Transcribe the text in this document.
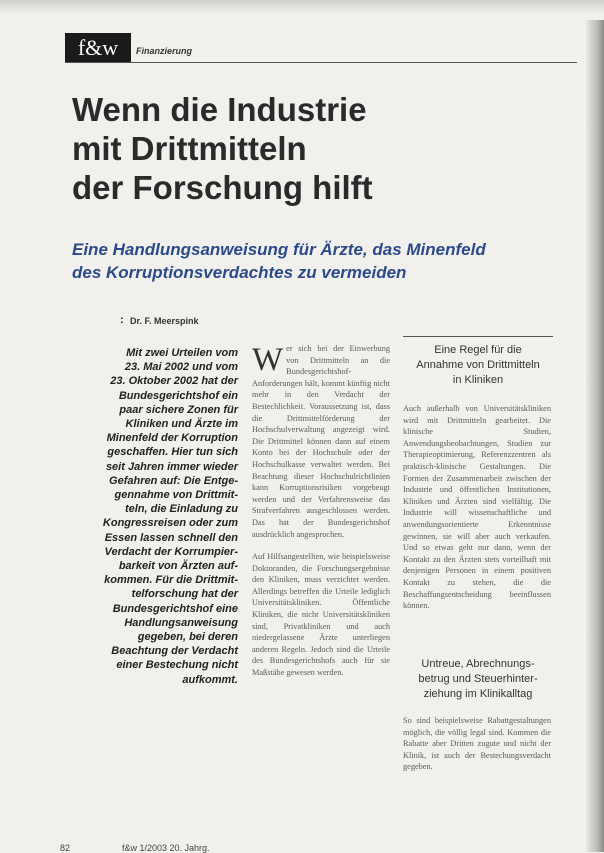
f&w	Finanzierung
Wenn die Industrie
mit Drittmitteln
der Forschung hilft
Eine Handlungsanweisung für Ärzte, das Minenfeld
des Korruptionsverdachtes zu vermeiden
: Dr. F. Meerspink
Mit zwei Urteilen vom
23. Mai 2002 und vom
23. Oktober 2002 hat der
Bundesgerichtshof ein
paar sichere Zonen für
Kliniken und Ärzte im
Minenfeld der Korruption
geschaffen. Hier tun sich
seit Jahren immer wieder
Gefahren auf: Die Entge-
gennahme von Drittmit-
teln, die Einladung zu
Kongressreisen oder zum
Essen lassen schnell den
Verdacht der Korrumpier-
barkeit von Ärzten auf-
kommen. Für die Drittmit-
telforschung hat der
Bundesgerichtshof eine
Handlungsanweisung
gegeben, bei deren
Beachtung der Verdacht
einer Bestechung nicht
aufkommt.

Wer sich bei der Einwerbung von Drittmitteln an die Bundesgerichtshof-Anforderungen hält, kommt künftig nicht mehr in den Verdacht der Bestechlichkeit. Voraussetzung ist, dass die Drittmittelförderung der Hochschulverwaltung angezeigt wird. Die Drittmittel können dann auf einem Konto bei der Hochschule oder der Hochschulkasse verwaltet werden. Bei Beachtung dieser Hochschulrichtlinien kann Korruptionsrisiken vorgebeugt werden und der Verfahrensweise das Strafverfahren ausgeschlossen werden. Das hat der Bundesgerichtshof ausdrücklich angesprochen.

Auf Hilfsangestellten, wie beispielsweise Doktoranden, die Forschungsergebnisse den Kliniken, muss verzichtet werden. Allerdings betreffen die Urteile lediglich Universitätskliniken. Öffentliche Kliniken, die nicht Universitätskliniken sind, Privatkliniken und auch niedergelassene Ärzte unterliegen anderen Regeln. Jedoch sind die Urteile des Bundesgerichtshofs auch für sie Maßstäbe gewesen werden.

Eine Regel für die
Annahme von Drittmitteln
in Kliniken

Auch außerhalb von Universitätskliniken wird mit Drittmitteln gearbeitet. Die klinische Studien, Anwendungsbeobachtungen, Studien zur Therapieoptimierung, Referenzzentren als praktisch-klinische Gestaltungen. Die Formen der Zusammenarbeit zwischen der Industrie und öffentlichen Institutionen, Kliniken und Ärzten sind vielfältig. Die Industrie will wissenschaftliche und anwendungsorientierte Erkenntnisse gewinnen, sie will aber auch verkaufen. Und so etwas geht nur dann, wenn der Kontakt zu den Ärzten stets vorteilhaft mit denjenigen Personen in einem positiven Kontakt zu stehen, die die Beschaffungsentscheidung beeinflussen können.

Untreue, Abrechnungs-
betrug und Steuerhinter-
ziehung im Klinikalltag

So sind beispielsweise Rabattgestaltungen möglich, die völlig legal sind. Kommen die Rabatte aber Dritten zugute und nicht der Klinik, ist auch der Bestechungsverdacht gegeben.

82	f&w 1/2003 20. Jahrg.
